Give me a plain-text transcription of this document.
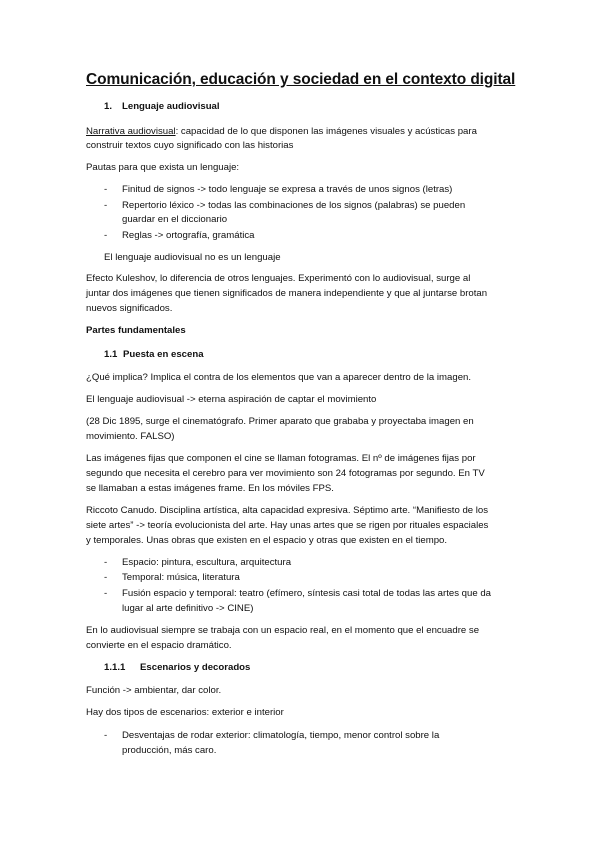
Comunicación, educación y sociedad en el contexto digital
1. Lenguaje audiovisual
Narrativa audiovisual: capacidad de lo que disponen las imágenes visuales y acústicas para
construir textos cuyo significado con las historias
Pautas para que exista un lenguaje:
- Finitud de signos -> todo lenguaje se expresa a través de unos signos (letras)
- Repertorio léxico -> todas las combinaciones de los signos (palabras) se pueden
guardar en el diccionario
- Reglas -> ortografía, gramática
El lenguaje audiovisual no es un lenguaje
Efecto Kuleshov, lo diferencia de otros lenguajes. Experimentó con lo audiovisual, surge al
juntar dos imágenes que tienen significados de manera independiente y que al juntarse brotan
nuevos significados.
Partes fundamentales
1.1 Puesta en escena
¿Qué implica? Implica el contra de los elementos que van a aparecer dentro de la imagen.
El lenguaje audiovisual -> eterna aspiración de captar el movimiento
(28 Dic 1895, surge el cinematógrafo. Primer aparato que grababa y proyectaba imagen en
movimiento. FALSO)
Las imágenes fijas que componen el cine se llaman fotogramas. El nº de imágenes fijas por
segundo que necesita el cerebro para ver movimiento son 24 fotogramas por segundo. En TV
se llamaban a estas imágenes frame. En los móviles FPS.
Riccoto Canudo. Disciplina artística, alta capacidad expresiva. Séptimo arte. “Manifiesto de los
siete artes” -> teoría evolucionista del arte. Hay unas artes que se rigen por rituales espaciales
y temporales. Unas obras que existen en el espacio y otras que existen en el tiempo.
- Espacio: pintura, escultura, arquitectura
- Temporal: música, literatura
- Fusión espacio y temporal: teatro (efímero, síntesis casi total de todas las artes que da
lugar al arte definitivo -> CINE)
En lo audiovisual siempre se trabaja con un espacio real, en el momento que el encuadre se
convierte en el espacio dramático.
1.1.1 Escenarios y decorados
Función -> ambientar, dar color.
Hay dos tipos de escenarios: exterior e interior
- Desventajas de rodar exterior: climatología, tiempo, menor control sobre la
producción, más caro.
